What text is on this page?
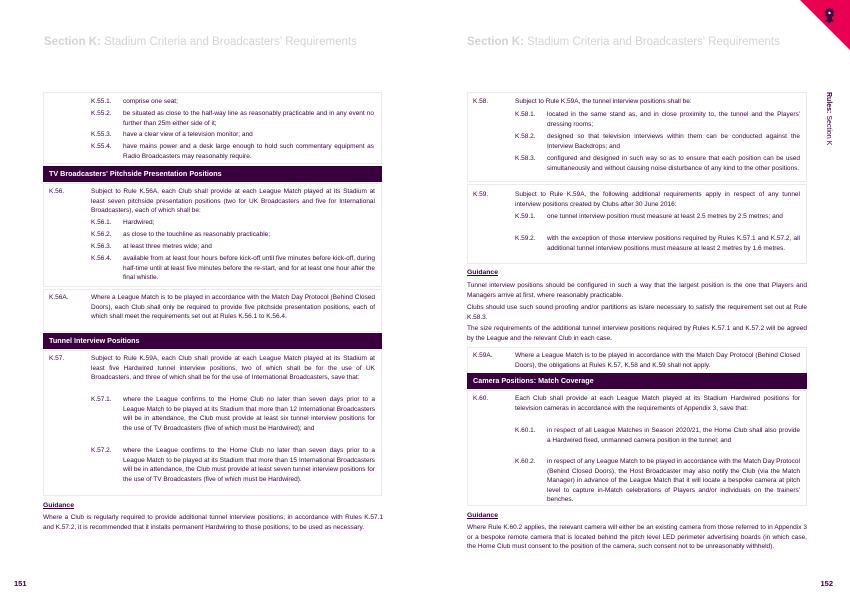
Section K: Stadium Criteria and Broadcasters' Requirements
K.55.1. comprise one seat;
K.55.2. be situated as close to the half-way line as reasonably practicable and in any event no further than 25m either side of it;
K.55.3. have a clear view of a television monitor; and
K.55.4. have mains power and a desk large enough to hold such commentary equipment as Radio Broadcasters may reasonably require.
TV Broadcasters' Pitchside Presentation Positions
K.56.	Subject to Rule K.56A, each Club shall provide at each League Match played at its Stadium at least seven pitchside presentation positions (two for UK Broadcasters and five for International Broadcasters), each of which shall be:
K.56.1. Hardwired;
K.56.2. as close to the touchline as reasonably practicable;
K.56.3. at least three metres wide; and
K.56.4. available from at least four hours before kick-off until five minutes before kick-off, during half-time until at least five minutes before the re-start, and for at least one hour after the final whistle.
K.56A.	Where a League Match is to be played in accordance with the Match Day Protocol (Behind Closed Doors), each Club shall only be required to provide five pitchside presentation positions, each of which shall meet the requirements set out at Rules K.56.1 to K.56.4.
Tunnel Interview Positions
K.57.	Subject to Rule K.59A, each Club shall provide at each League Match played at its Stadium at least five Hardwired tunnel interview positions, two of which shall be for the use of UK Broadcasters, and three of which shall be for the use of International Broadcasters, save that:
K.57.1. where the League confirms to the Home Club no later than seven days prior to a League Match to be played at its Stadium that more than 12 International Broadcasters will be in attendance, the Club must provide at least six tunnel interview positions for the use of TV Broadcasters (five of which must be Hardwired); and
K.57.2. where the League confirms to the Home Club no later than seven days prior to a League Match to be played at its Stadium that more than 15 International Broadcasters will be in attendance, the Club must provide at least seven tunnel interview positions for the use of TV Broadcasters (five of which must be Hardwired).
Guidance
Where a Club is regularly required to provide additional tunnel interview positions, in accordance with Rules K.57.1 and K.57.2, it is recommended that it installs permanent Hardwiring to those positions, to be used as necessary.
151
Section K: Stadium Criteria and Broadcasters' Requirements
Rules: Section K
K.58.	Subject to Rule K.59A, the tunnel interview positions shall be:
K.58.1. located in the same stand as, and in close proximity to, the tunnel and the Players' dressing rooms;
K.58.2. designed so that television interviews within them can be conducted against the Interview Backdrops; and
K.58.3. configured and designed in such way so as to ensure that each position can be used simultaneously and without causing noise disturbance of any kind to the other positions.
K.59.	Subject to Rule K.59A, the following additional requirements apply in respect of any tunnel interview positions created by Clubs after 30 June 2016:
K.59.1. one tunnel interview position must measure at least 2.5 metres by 2.5 metres; and
K.59.2. with the exception of those interview positions required by Rules K.57.1 and K.57.2, all additional tunnel interview positions must measure at least 2 metres by 1.6 metres.
Guidance
Tunnel interview positions should be configured in such a way that the largest position is the one that Players and Managers arrive at first, where reasonably practicable.
Clubs should use such sound proofing and/or partitions as is/are necessary to satisfy the requirement set out at Rule K.58.3.
The size requirements of the additional tunnel interview positions required by Rules K.57.1 and K.57.2 will be agreed by the League and the relevant Club in each case.
K.59A.	Where a League Match is to be played in accordance with the Match Day Protocol (Behind Closed Doors), the obligations at Rules K.57, K.58 and K.59 shall not apply.
Camera Positions: Match Coverage
K.60.	Each Club shall provide at each League Match played at its Stadium Hardwired positions for television cameras in accordance with the requirements of Appendix 3, save that:
K.60.1. in respect of all League Matches in Season 2020/21, the Home Club shall also provide a Hardwired fixed, unmanned camera position in the tunnel; and
K.60.2. in respect of any League Match to be played in accordance with the Match Day Protocol (Behind Closed Doors), the Host Broadcaster may also notify the Club (via the Match Manager) in advance of the League Match that it will locate a bespoke camera at pitch level to capture in-Match celebrations of Players and/or individuals on the trainers' benches.
Guidance
Where Rule K.60.2 applies, the relevant camera will either be an existing camera from those referred to in Appendix 3 or a bespoke remote camera that is located behind the pitch level LED perimeter advertising boards (in which case, the Home Club must consent to the position of the camera, such consent not to be unreasonably withheld).
152
